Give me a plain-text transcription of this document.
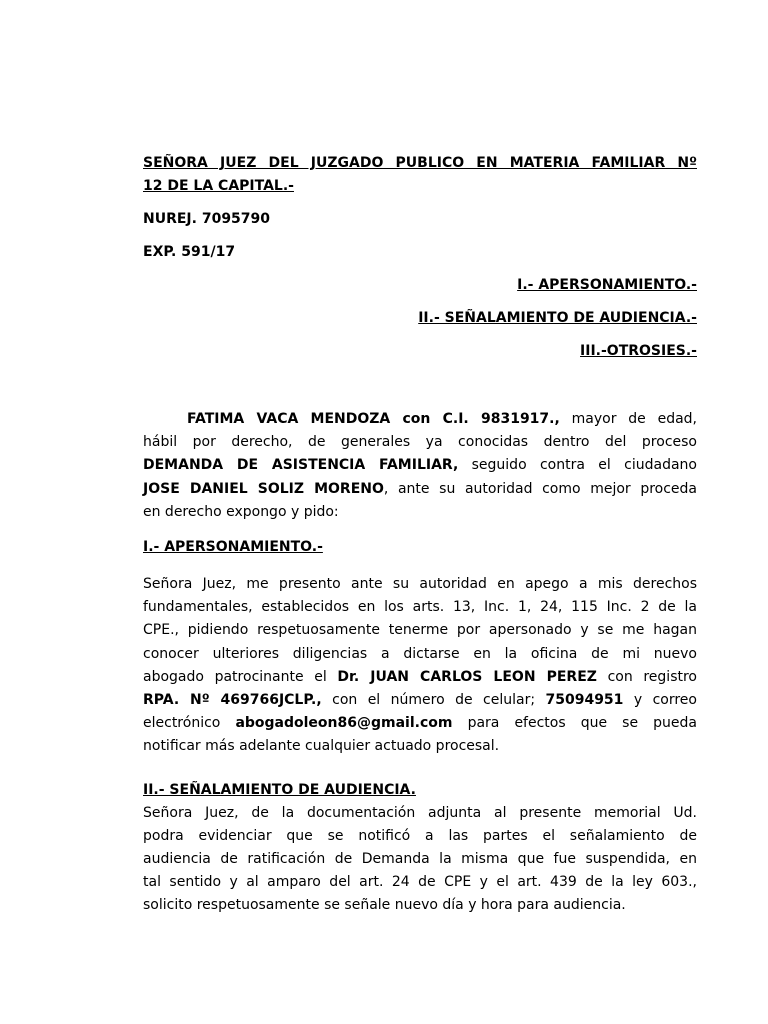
SEÑORA JUEZ DEL JUZGADO PUBLICO EN MATERIA FAMILIAR Nº
12 DE LA CAPITAL.-

NUREJ. 7095790

EXP. 591/17

I.- APERSONAMIENTO.-

II.- SEÑALAMIENTO DE AUDIENCIA.-

III.-OTROSIES.-

FATIMA VACA MENDOZA con C.I. 9831917., mayor de edad,
hábil por derecho, de generales ya conocidas dentro del proceso
DEMANDA DE ASISTENCIA FAMILIAR, seguido contra el ciudadano
JOSE DANIEL SOLIZ MORENO, ante su autoridad como mejor proceda
en derecho expongo y pido:

I.- APERSONAMIENTO.-

Señora Juez, me presento ante su autoridad en apego a mis derechos
fundamentales, establecidos en los arts. 13, Inc. 1, 24, 115 Inc. 2 de la
CPE., pidiendo respetuosamente tenerme por apersonado y se me hagan
conocer ulteriores diligencias a dictarse en la oficina de mi nuevo
abogado patrocinante el Dr. JUAN CARLOS LEON PEREZ con registro
RPA. Nº 469766JCLP., con el número de celular; 75094951 y correo
electrónico abogadoleon86@gmail.com para efectos que se pueda
notificar más adelante cualquier actuado procesal.

II.- SEÑALAMIENTO DE AUDIENCIA.

Señora Juez, de la documentación adjunta al presente memorial Ud.
podra evidenciar que se notificó a las partes el señalamiento de
audiencia de ratificación de Demanda la misma que fue suspendida, en
tal sentido y al amparo del art. 24 de CPE y el art. 439 de la ley 603.,
solicito respetuosamente se señale nuevo día y hora para audiencia.
